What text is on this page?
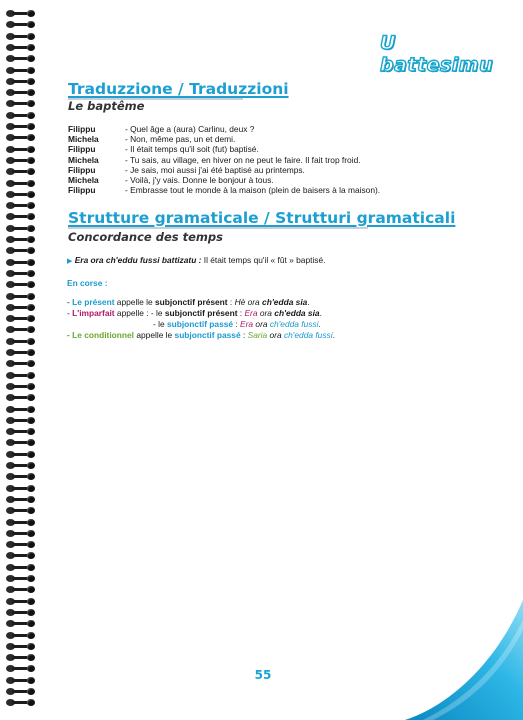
U battesimu
Traduzzione / Traduzzioni
Le baptême
Filippu	- Quel âge a (aura) Carlinu, deux ?
Michela	- Non, même pas, un et demi.
Filippu	- Il était temps qu'il soit (fut) baptisé.
Michela	- Tu sais, au village, en hiver on ne peut le faire. Il fait trop froid.
Filippu	- Je sais, moi aussi j'ai été baptisé au printemps.
Michela	- Voilà, j'y vais. Donne le bonjour à tous.
Filippu	- Embrasse tout le monde à la maison (plein de baisers à la maison).
Strutture gramaticale / Strutturi gramaticali
Concordance des temps
▶ Era ora ch'eddu fussi battizatu : Il était temps qu'il « fût » baptisé.
En corse :
- Le présent appelle le subjonctif présent : Hè ora ch'edda sia.
- L'imparfait appelle : - le subjonctif présent : Era ora ch'edda sia.
- le subjonctif passé : Era ora ch'edda fussi.
- Le conditionnel appelle le subjonctif passé : Saria ora ch'edda fussi.
55
